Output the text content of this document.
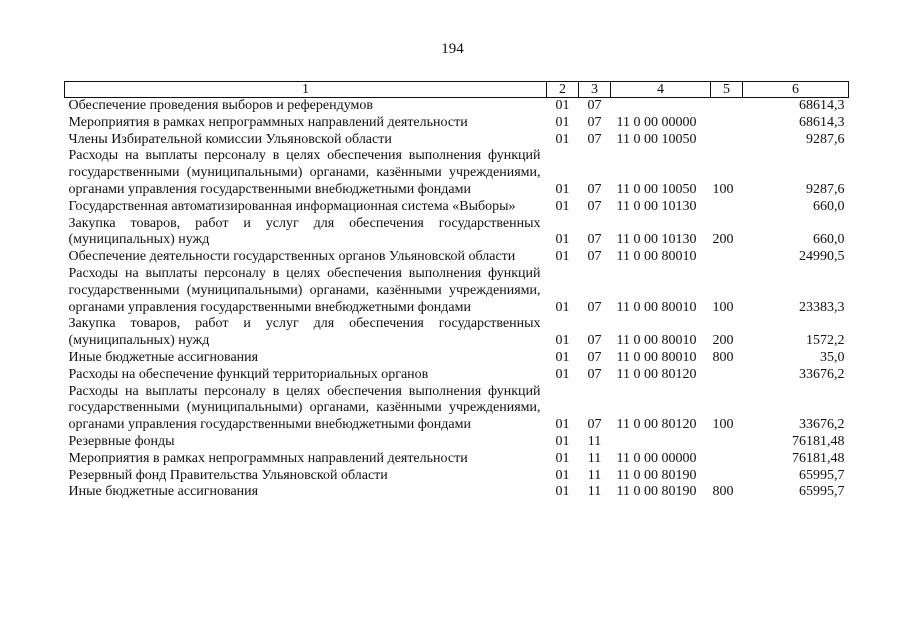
194
1	2	3	4	5	6
Обеспечение проведения выборов и референдумов	01	07			68614,3
Мероприятия в рамках непрограммных направлений деятельности	01	07	11 0 00 00000		68614,3
Члены Избирательной комиссии Ульяновской области	01	07	11 0 00 10050		9287,6
Расходы на выплаты персоналу в целях обеспечения выполнения функций государственными (муниципальными) органами, казёнными учреждениями, органами управления государственными внебюджетными фондами	01	07	11 0 00 10050	100	9287,6
Государственная автоматизированная информационная система «Выборы»	01	07	11 0 00 10130		660,0
Закупка товаров, работ и услуг для обеспечения государственных (муниципальных) нужд	01	07	11 0 00 10130	200	660,0
Обеспечение деятельности государственных органов Ульяновской области	01	07	11 0 00 80010		24990,5
Расходы на выплаты персоналу в целях обеспечения выполнения функций государственными (муниципальными) органами, казёнными учреждениями, органами управления государственными внебюджетными фондами	01	07	11 0 00 80010	100	23383,3
Закупка товаров, работ и услуг для обеспечения государственных (муниципальных) нужд	01	07	11 0 00 80010	200	1572,2
Иные бюджетные ассигнования	01	07	11 0 00 80010	800	35,0
Расходы на обеспечение функций территориальных органов	01	07	11 0 00 80120		33676,2
Расходы на выплаты персоналу в целях обеспечения выполнения функций государственными (муниципальными) органами, казёнными учреждениями, органами управления государственными внебюджетными фондами	01	07	11 0 00 80120	100	33676,2
Резервные фонды	01	11			76181,48
Мероприятия в рамках непрограммных направлений деятельности	01	11	11 0 00 00000		76181,48
Резервный фонд Правительства Ульяновской области	01	11	11 0 00 80190		65995,7
Иные бюджетные ассигнования	01	11	11 0 00 80190	800	65995,7
